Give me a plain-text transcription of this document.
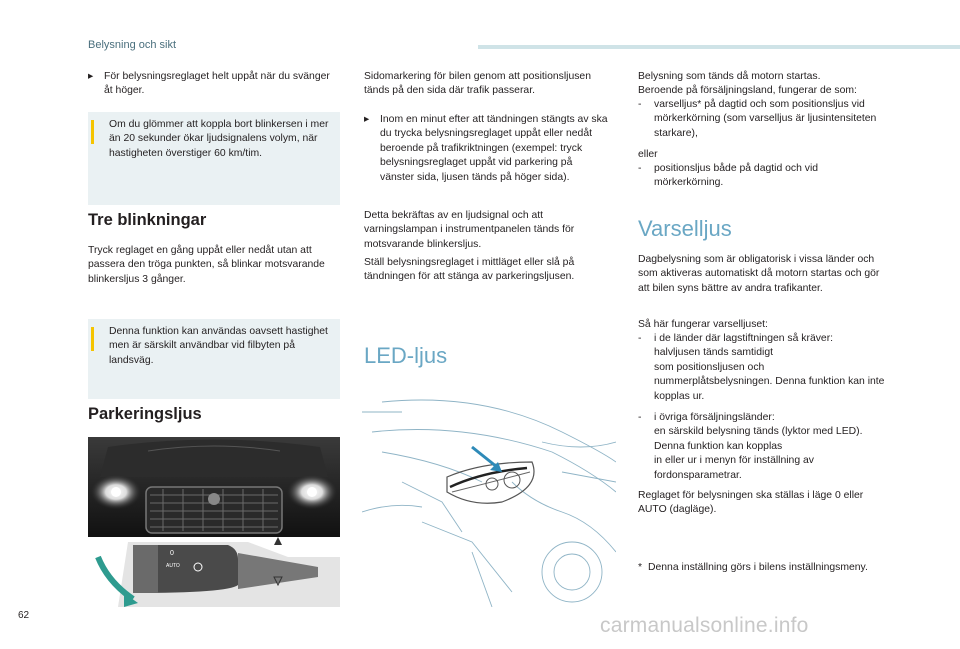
Belysning och sikt
▸	För belysningsreglaget helt uppåt när du svänger åt höger.
Om du glömmer att koppla bort blinkersen i mer än 20 sekunder ökar ljudsignalens volym, när hastigheten överstiger 60 km/tim.
Tre blinkningar
Tryck reglaget en gång uppåt eller nedåt utan att passera den tröga punkten, så blinkar motsvarande blinkersljus 3 gånger.
Denna funktion kan användas oavsett hastighet men är särskilt användbar vid filbyten på landsväg.
Parkeringsljus
0
AUTO
Sidomarkering för bilen genom att positionsljusen tänds på den sida där trafik passerar.
▸	Inom en minut efter att tändningen stängts av ska du trycka belysningsreglaget uppåt eller nedåt beroende på trafikriktningen (exempel: tryck belysningsreglaget uppåt vid parkering på vänster sida, ljusen tänds på höger sida).
Detta bekräftas av en ljudsignal och att varningslampan i instrumentpanelen tänds för motsvarande blinkersljus.
Ställ belysningsreglaget i mittläget eller slå på tändningen för att stänga av parkeringsljusen.
LED-ljus
Belysning som tänds då motorn startas.
Beroende på försäljningsland, fungerar de som:
-	varselljus* på dagtid och som positionsljus vid mörkerkörning (som varselljus är ljusintensiteten starkare),
eller
-	positionsljus både på dagtid och vid mörkerkörning.
Varselljus
Dagbelysning som är obligatorisk i vissa länder och som aktiveras automatiskt då motorn startas och gör att bilen syns bättre av andra trafikanter.
Så här fungerar varselljuset:
-	i de länder där lagstiftningen så kräver:
halvljusen tänds samtidigt
som positionsljusen och
nummerplåtsbelysningen. Denna funktion kan inte kopplas ur.
-	i övriga försäljningsländer:
en särskild belysning tänds (lyktor med LED). Denna funktion kan kopplas
in eller ur i menyn för inställning av fordonsparametrar.
Reglaget för belysningen ska ställas i läge 0 eller AUTO (dagläge).
* Denna inställning görs i bilens inställningsmeny.
62	carmanualsonline.info
